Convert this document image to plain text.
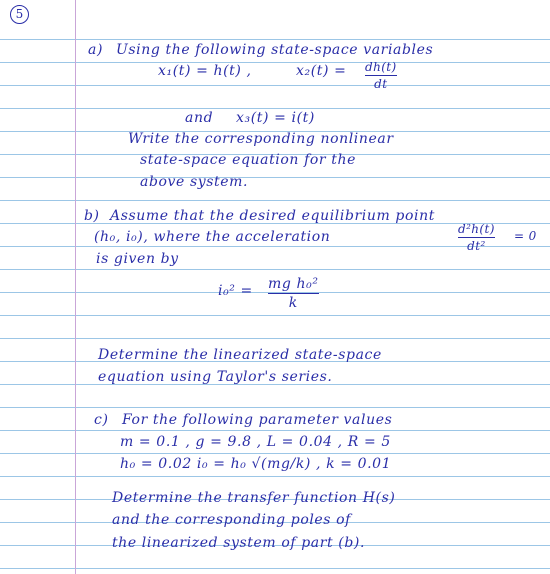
5
a) Using the following state-space variables
x₁(t) = h(t) ,	x₂(t) = dh(t)
dt
and x₃(t) = i(t)
Write the corresponding nonlinear
state-space equation for the
above system.
b) Assume that the desired equilibrium point
(h₀, i₀), where the acceleration	d²h(t)
dt²
= 0
is given by
i₀² = mg h₀²
k
Determine the linearized state-space
equation using Taylor's series.
c) For the following parameter values
m = 0.1 , g = 9.8 , L = 0.04 , R = 5
h₀ = 0.02 i₀ = h₀ √(mg/k) , k = 0.01
Determine the transfer function H(s)
and the corresponding poles of
the linearized system of part (b).
